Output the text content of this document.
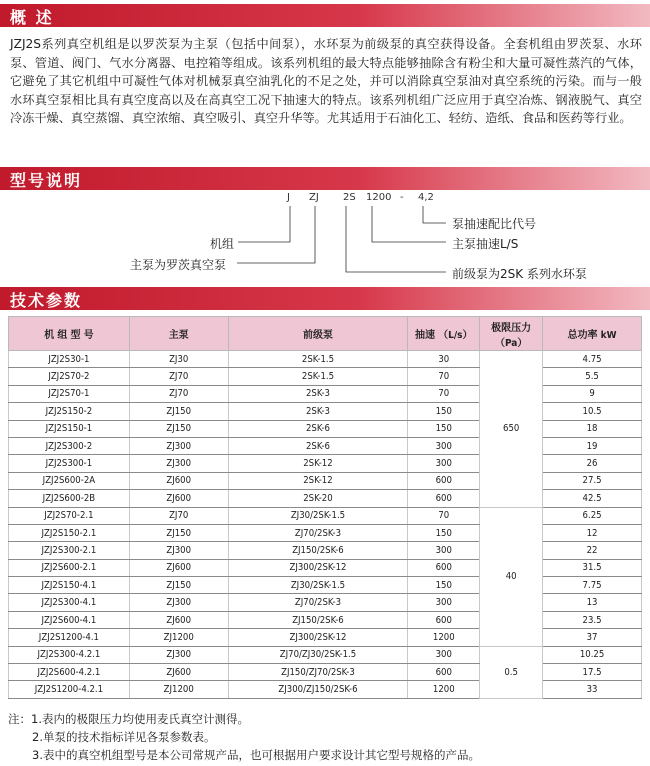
概 述

JZJ2S系列真空机组是以罗茨泵为主泵（包括中间泵），水环泵为前级泵的真空获得设备。全套机组由罗茨泵、水环泵、管道、阀门、气水分离器、电控箱等组成。该系列机组的最大特点能够抽除含有粉尘和大量可凝性蒸汽的气体，它避免了其它机组中可凝性气体对机械泵真空油乳化的不足之处，并可以消除真空泵油对真空系统的污染。而与一般水环真空泵相比具有真空度高以及在高真空工况下抽速大的特点。该系列机组广泛应用于真空冶炼、钢液脱气、真空冷冻干燥、真空蒸馏、真空浓缩、真空吸引、真空升华等。尤其适用于石油化工、轻纺、造纸、食品和医药等行业。

型号说明
J ZJ 2S 1200 - 4,2
泵抽速配比代号
主泵抽速L/S
机组
主泵为罗茨真空泵
前级泵为2SK 系列水环泵
技术参数
机 组 型 号	主泵	前级泵	抽速 （L/s）	极限压力 （Pa）	总功率 kW
JZJ2S30-1	ZJ30	2SK-1.5	30	650	4.75
JZJ2S70-2	ZJ70	2SK-1.5	70		5.5
JZJ2S70-1	ZJ70	2SK-3	70		9
JZJ2S150-2	ZJ150	2SK-3	150		10.5
JZJ2S150-1	ZJ150	2SK-6	150		18
JZJ2S300-2	ZJ300	2SK-6	300		19
JZJ2S300-1	ZJ300	2SK-12	300		26
JZJ2S600-2A	ZJ600	2SK-12	600		27.5
JZJ2S600-2B	ZJ600	2SK-20	600		42.5
JZJ2S70-2.1	ZJ70	ZJ30/2SK-1.5	70	40	6.25
JZJ2S150-2.1	ZJ150	ZJ70/2SK-3	150		12
JZJ2S300-2.1	ZJ300	ZJ150/2SK-6	300		22
JZJ2S600-2.1	ZJ600	ZJ300/2SK-12	600		31.5
JZJ2S150-4.1	ZJ150	ZJ30/2SK-1.5	150		7.75
JZJ2S300-4.1	ZJ300	ZJ70/2SK-3	300		13
JZJ2S600-4.1	ZJ600	ZJ150/2SK-6	600		23.5
JZJ2S1200-4.1	ZJ1200	ZJ300/2SK-12	1200		37
JZJ2S300-4.2.1	ZJ300	ZJ70/ZJ30/2SK-1.5	300	0.5	10.25
JZJ2S600-4.2.1	ZJ600	ZJ150/ZJ70/2SK-3	600		17.5
JZJ2S1200-4.2.1	ZJ1200	ZJ300/ZJ150/2SK-6	1200		33
注：1.表内的极限压力均使用麦氏真空计测得。
2.单泵的技术指标详见各泵参数表。
3.表中的真空机组型号是本公司常规产品，也可根据用户要求设计其它型号规格的产品。
